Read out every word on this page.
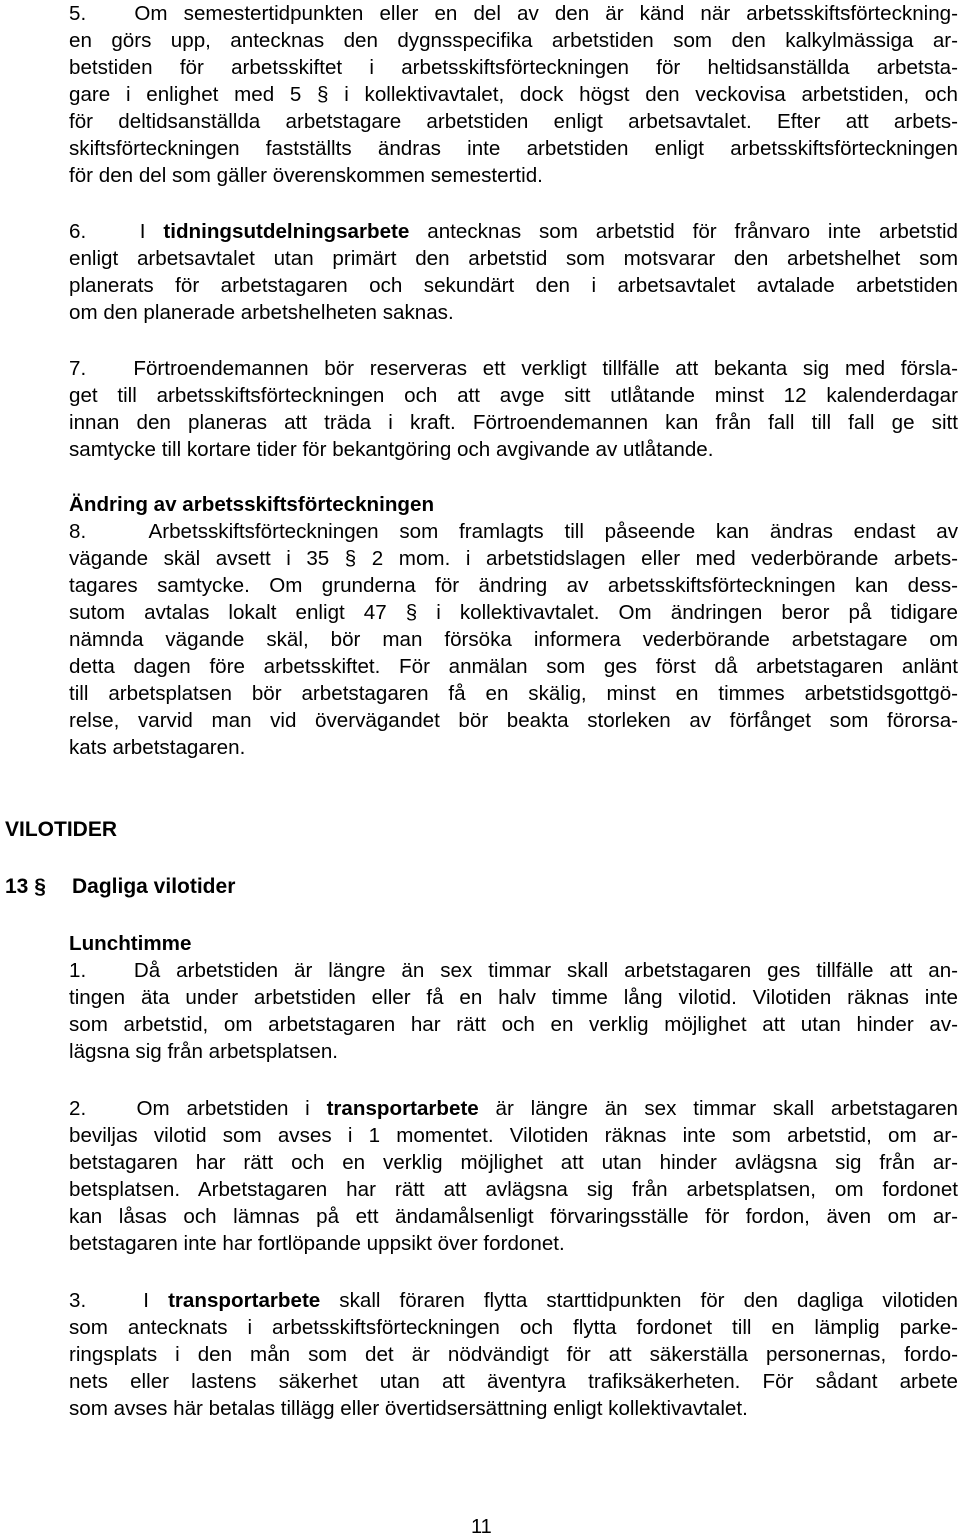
5.   Om semestertidpunkten eller en del av den är känd när arbetsskiftsförteckning-
en görs upp, antecknas den dygnsspecifika arbetstiden som den kalkylmässiga ar-
betstiden för arbetsskiftet i arbetsskiftsförteckningen för heltidsanställda arbetsta-
gare i enlighet med 5 § i kollektivavtalet, dock högst den veckovisa arbetstiden, och
för deltidsanställda arbetstagare arbetstiden enligt arbetsavtalet. Efter att arbets-
skiftsförteckningen fastställts ändras inte arbetstiden enligt arbetsskiftsförteckningen
för den del som gäller överenskommen semestertid.
6.   I tidningsutdelningsarbete antecknas som arbetstid för frånvaro inte arbetstid
enligt arbetsavtalet utan primärt den arbetstid som motsvarar den arbetshelhet som
planerats för arbetstagaren och sekundärt den i arbetsavtalet avtalade arbetstiden
om den planerade arbetshelheten saknas.
7.   Förtroendemannen bör reserveras ett verkligt tillfälle att bekanta sig med försla-
get till arbetsskiftsförteckningen och att avge sitt utlåtande minst 12 kalenderdagar
innan den planeras att träda i kraft. Förtroendemannen kan från fall till fall ge sitt
samtycke till kortare tider för bekantgöring och avgivande av utlåtande.
Ändring av arbetsskiftsförteckningen
8.   Arbetsskiftsförteckningen som framlagts till påseende kan ändras endast av
vägande skäl avsett i 35 § 2 mom. i arbetstidslagen eller med vederbörande arbets-
tagares samtycke. Om grunderna för ändring av arbetsskiftsförteckningen kan dess-
sutom avtalas lokalt enligt 47 § i kollektivavtalet. Om ändringen beror på tidigare
nämnda vägande skäl, bör man försöka informera vederbörande arbetstagare om
detta dagen före arbetsskiftet. För anmälan som ges först då arbetstagaren anlänt
till arbetsplatsen bör arbetstagaren få en skälig, minst en timmes arbetstidsgottgö-
relse, varvid man vid övervägandet bör beakta storleken av förfånget som förorsa-
kats arbetstagaren.
VILOTIDER
13 § Dagliga vilotider
Lunchtimme
1.   Då arbetstiden är längre än sex timmar skall arbetstagaren ges tillfälle att an-
tingen äta under arbetstiden eller få en halv timme lång vilotid. Vilotiden räknas inte
som arbetstid, om arbetstagaren har rätt och en verklig möjlighet att utan hinder av-
lägsna sig från arbetsplatsen.
2.   Om arbetstiden i transportarbete är längre än sex timmar skall arbetstagaren
beviljas vilotid som avses i 1 momentet. Vilotiden räknas inte som arbetstid, om ar-
betstagaren har rätt och en verklig möjlighet att utan hinder avlägsna sig från ar-
betsplatsen. Arbetstagaren har rätt att avlägsna sig från arbetsplatsen, om fordonet
kan låsas och lämnas på ett ändamålsenligt förvaringsställe för fordon, även om ar-
betstagaren inte har fortlöpande uppsikt över fordonet.
3.   I transportarbete skall föraren flytta starttidpunkten för den dagliga vilotiden
som antecknats i arbetsskiftsförteckningen och flytta fordonet till en lämplig parke-
ringsplats i den mån som det är nödvändigt för att säkerställa personernas, fordo-
nets eller lastens säkerhet utan att äventyra trafiksäkerheten. För sådant arbete
som avses här betalas tillägg eller övertidsersättning enligt kollektivavtalet.
11
